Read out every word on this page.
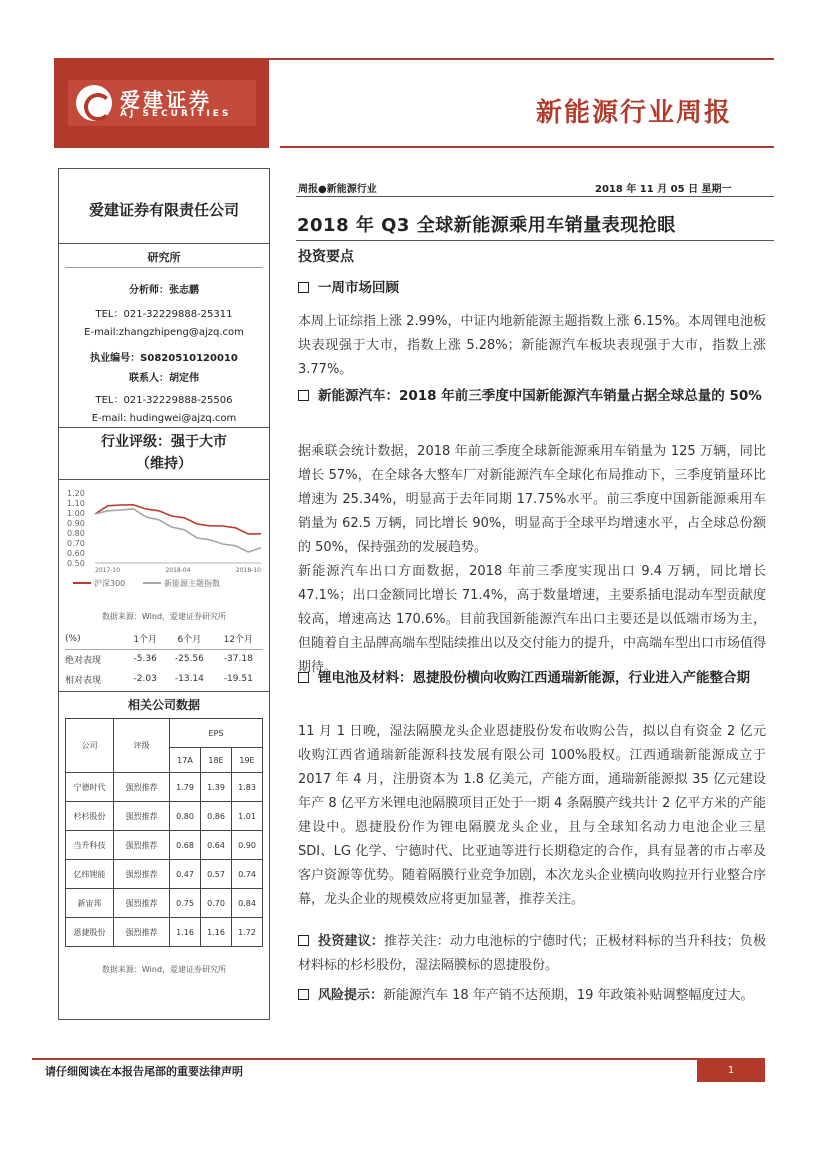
爱建证券
AJ SECURITIES	新能源行业周报
爱建证券有限责任公司
研究所
分析师：张志鹏
TEL：021-32229888-25311
E-mail:zhangzhipeng@ajzq.com
执业编号：S0820510120010
联系人：胡定伟
TEL：021-32229888-25506
E-mail: hudingwei@ajzq.com
行业评级：强于大市
（维持）
1.20
1.10
1.00
0.90
0.80
0.70
0.60
0.50
2017-10	2018-04	2018-10
沪深300	新能源主题指数
数据来源：Wind，爱建证券研究所
(%)	1个月	6个月	12个月
绝对表现	-5.36	-25.56	-37.18
相对表现	-2.03	-13.14	-19.51
相关公司数据
公司	评级	EPS		
		17A	18E	19E
宁德时代	强烈推荐	1.79	1.39	1.83
杉杉股份	强烈推荐	0.80	0.86	1.01
当升科技	强烈推荐	0.68	0.64	0.90
亿纬锂能	强烈推荐	0.47	0.57	0.74
新宙邦	强烈推荐	0.75	0.70	0.84
恩捷股份	强烈推荐	1.16	1.16	1.72
数据来源：Wind，爱建证券研究所
周报●新能源行业	2018 年 11 月 05 日 星期一
2018 年 Q3 全球新能源乘用车销量表现抢眼
投资要点
一周市场回顾
本周上证综指上涨 2.99%，中证内地新能源主题指数上涨 6.15%。本周锂电池板块表现强于大市，指数上涨 5.28%；新能源汽车板块表现强于大市，指数上涨 3.77%。
新能源汽车：2018 年前三季度中国新能源汽车销量占据全球总量的 50%
据乘联会统计数据，2018 年前三季度全球新能源乘用车销量为 125 万辆，同比增长 57%，在全球各大整车厂对新能源汽车全球化布局推动下，三季度销量环比增速为 25.34%，明显高于去年同期 17.75%水平。前三季度中国新能源乘用车销量为 62.5 万辆，同比增长 90%，明显高于全球平均增速水平，占全球总份额的 50%，保持强劲的发展趋势。
新能源汽车出口方面数据，2018 年前三季度实现出口 9.4 万辆，同比增长 47.1%；出口金额同比增长 71.4%，高于数量增速，主要系插电混动车型贡献度较高，增速高达 170.6%。目前我国新能源汽车出口主要还是以低端市场为主，但随着自主品牌高端车型陆续推出以及交付能力的提升，中高端车型出口市场值得期待。
锂电池及材料：恩捷股份横向收购江西通瑞新能源，行业进入产能整合期
11 月 1 日晚，湿法隔膜龙头企业恩捷股份发布收购公告，拟以自有资金 2 亿元收购江西省通瑞新能源科技发展有限公司 100%股权。江西通瑞新能源成立于 2017 年 4 月，注册资本为 1.8 亿美元，产能方面，通瑞新能源拟 35 亿元建设年产 8 亿平方米锂电池隔膜项目正处于一期 4 条隔膜产线共计 2 亿平方米的产能建设中。恩捷股份作为锂电隔膜龙头企业，且与全球知名动力电池企业三星 SDI、LG 化学、宁德时代、比亚迪等进行长期稳定的合作，具有显著的市占率及客户资源等优势。随着隔膜行业竞争加剧，本次龙头企业横向收购拉开行业整合序幕，龙头企业的规模效应将更加显著，推荐关注。
投资建议：推荐关注：动力电池标的宁德时代；正极材料标的当升科技；负极材料标的杉杉股份，湿法隔膜标的恩捷股份。
风险提示：新能源汽车 18 年产销不达预期，19 年政策补贴调整幅度过大。
请仔细阅读在本报告尾部的重要法律声明	1
